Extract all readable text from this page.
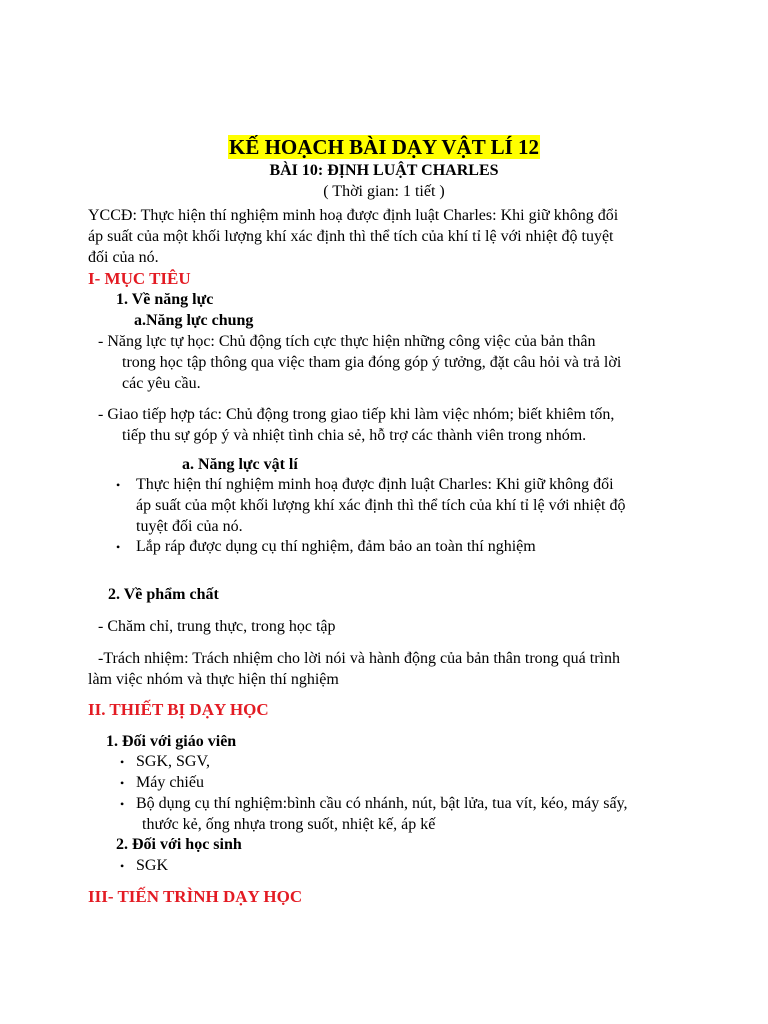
KẾ HOẠCH BÀI DẠY VẬT LÍ 12
BÀI 10: ĐỊNH LUẬT CHARLES
( Thời gian: 1 tiết )
YCCĐ: Thực hiện thí nghiệm minh hoạ được định luật Charles: Khi giữ không đổi
áp suất của một khối lượng khí xác định thì thể tích của khí tỉ lệ với nhiệt độ tuyệt
đối của nó.
I- MỤC TIÊU
1. Về năng lực
a.Năng lực chung
- Năng lực tự học: Chủ động tích cực thực hiện những công việc của bản thân
trong học tập thông qua việc tham gia đóng góp ý tưởng, đặt câu hỏi và trả lời
các yêu cầu.
- Giao tiếp hợp tác: Chủ động trong giao tiếp khi làm việc nhóm; biết khiêm tốn,
tiếp thu sự góp ý và nhiệt tình chia sẻ, hỗ trợ các thành viên trong nhóm.
a. Năng lực vật lí
• Thực hiện thí nghiệm minh hoạ được định luật Charles: Khi giữ không đổi
áp suất của một khối lượng khí xác định thì thể tích của khí tỉ lệ với nhiệt độ
tuyệt đối của nó.
• Lắp ráp được dụng cụ thí nghiệm, đảm bảo an toàn thí nghiệm
2. Về phẩm chất
- Chăm chỉ, trung thực, trong học tập
-Trách nhiệm: Trách nhiệm cho lời nói và hành động của bản thân trong quá trình
làm việc nhóm và thực hiện thí nghiệm
II. THIẾT BỊ DẠY HỌC
1. Đối với giáo viên
• SGK, SGV,
• Máy chiếu
• Bộ dụng cụ thí nghiệm:bình cầu có nhánh, nút, bật lửa, tua vít, kéo, máy sấy,
thước kẻ, ống nhựa trong suốt, nhiệt kế, áp kế
2. Đối với học sinh
• SGK
III- TIẾN TRÌNH DẠY HỌC
